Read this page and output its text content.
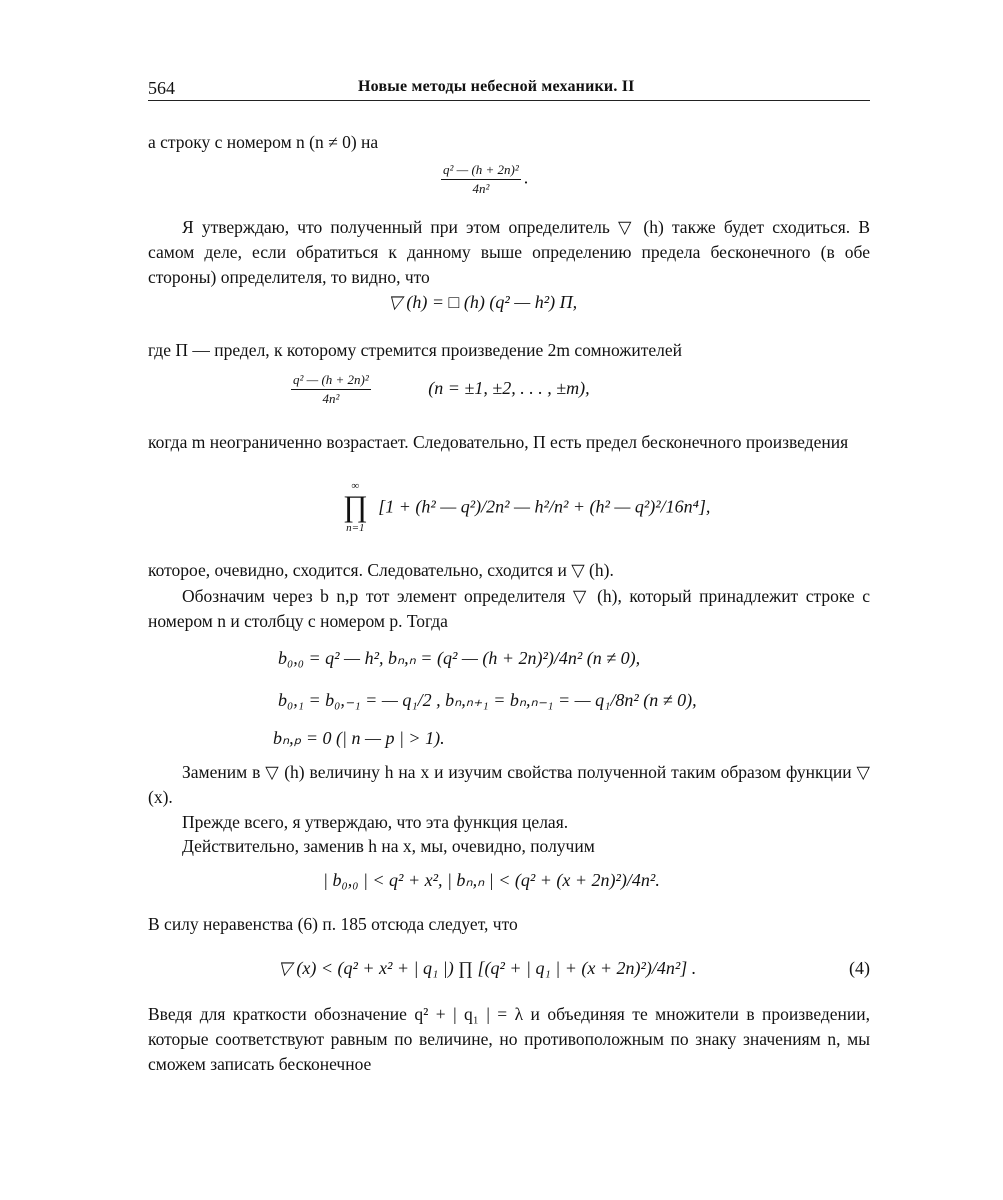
564	Новые методы небесной механики. II

а строку с номером n (n ≠ 0) на

$\frac{\text{q² — (h + 2n)²}}{\text{4n²}}$ .

Я утверждаю, что полученный при этом определитель ▽ (h) также будет сходиться. В самом деле, если обратиться к данному выше определению предела бесконечного (в обе стороны) определителя, то видно, что

▽ (h) = □ (h) (q² — h²) Π,

где Π — предел, к которому стремится произведение 2m сомножителей

$\frac{\text{q² — (h + 2n)²}}{\text{4n²}}$	(n = ±1, ±2, . . . , ±m),

когда m неограниченно возрастает. Следовательно, Π есть предел бесконечного произведения

∞
∏
n=1
[1 + (h² — q²)/2n² — h²/n² + (h² — q²)²/16n⁴],

которое, очевидно, сходится. Следовательно, сходится и ▽ (h).

Обозначим через b n,p тот элемент определителя ▽ (h), который принадлежит строке с номером n и столбцу с номером p. Тогда

b₀,₀ = q² — h², bₙ,ₙ = (q² — (h + 2n)²)/4n² (n ≠ 0),
b₀,₁ = b₀,₋₁ = — q₁/2 , bₙ,ₙ₊₁ = bₙ,ₙ₋₁ = — q₁/8n² (n ≠ 0),
bₙ,ₚ = 0 (| n — p | > 1).

Заменим в ▽ (h) величину h на x и изучим свойства полученной таким образом функции ▽ (x).

Прежде всего, я утверждаю, что эта функция целая.

Действительно, заменив h на x, мы, очевидно, получим

| b₀,₀ | < q² + x², | bₙ,ₙ | < (q² + (x + 2n)²)/4n².

В силу неравенства (6) п. 185 отсюда следует, что

▽ (x) < (q² + x² + | q₁ |) ∏ [(q² + | q₁ | + (x + 2n)²)/4n²] .	(4)

Введя для краткости обозначение q² + | q₁ | = λ и объединяя те множители в произведении, которые соответствуют равным по величине, но противоположным по знаку значениям n, мы сможем записать бесконечное
